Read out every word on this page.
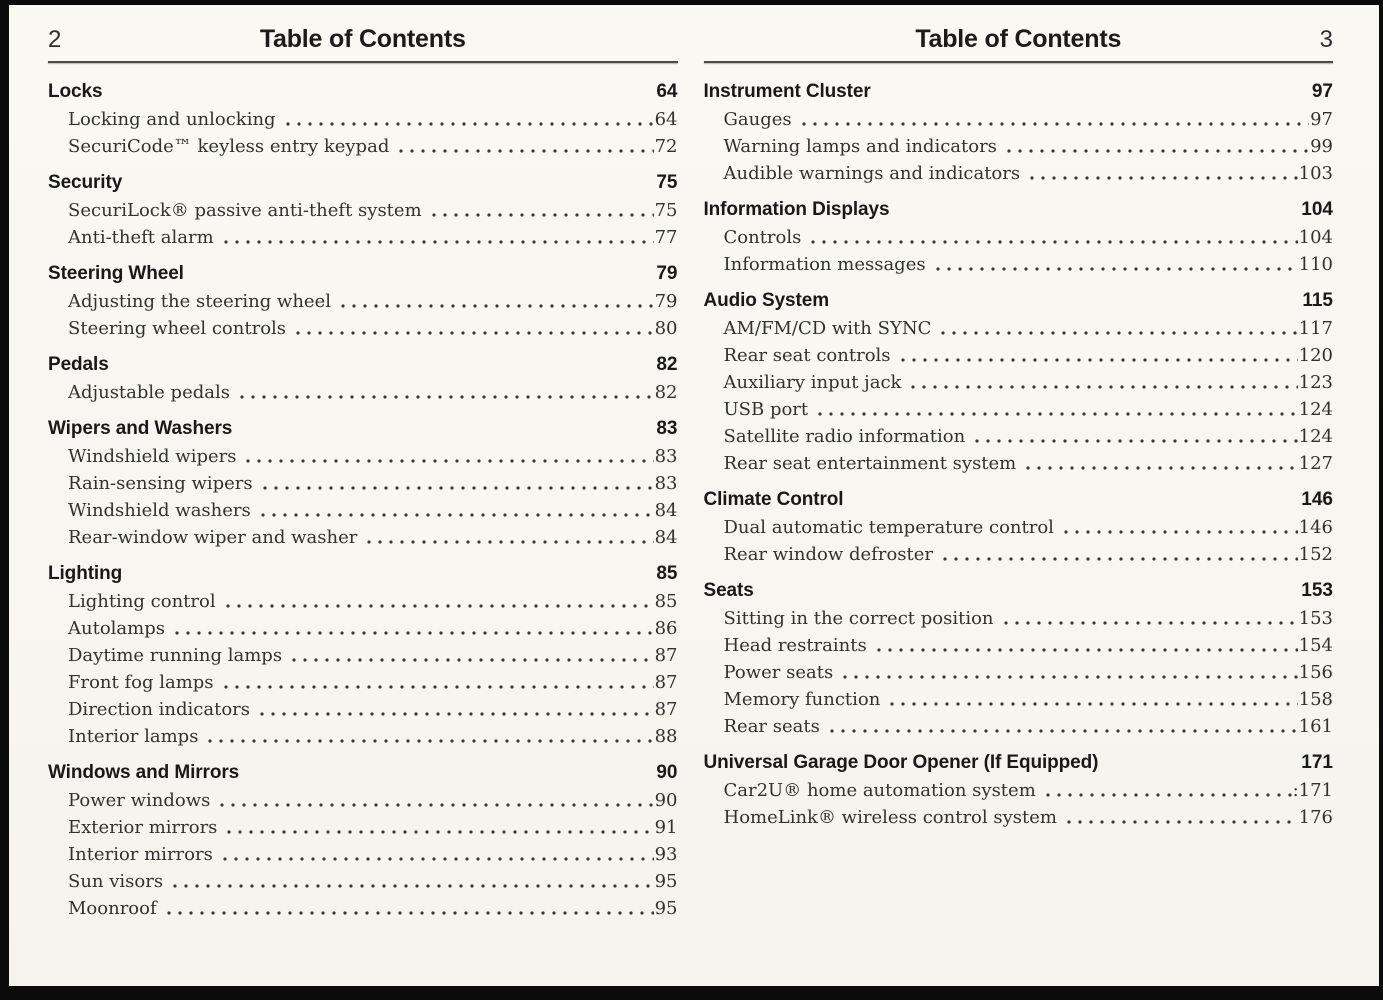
2	Table of Contents
Locks	64
Locking and unlocking	64
SecuriCode™ keyless entry keypad	72
Security	75
SecuriLock® passive anti-theft system	75
Anti-theft alarm	77
Steering Wheel	79
Adjusting the steering wheel	79
Steering wheel controls	80
Pedals	82
Adjustable pedals	82
Wipers and Washers	83
Windshield wipers	83
Rain-sensing wipers	83
Windshield washers	84
Rear-window wiper and washer	84
Lighting	85
Lighting control	85
Autolamps	86
Daytime running lamps	87
Front fog lamps	87
Direction indicators	87
Interior lamps	88
Windows and Mirrors	90
Power windows	90
Exterior mirrors	91
Interior mirrors	93
Sun visors	95
Moonroof	95
Table of Contents	3
Instrument Cluster	97
Gauges	97
Warning lamps and indicators	99
Audible warnings and indicators	103
Information Displays	104
Controls	104
Information messages	110
Audio System	115
AM/FM/CD with SYNC	117
Rear seat controls	120
Auxiliary input jack	123
USB port	124
Satellite radio information	124
Rear seat entertainment system	127
Climate Control	146
Dual automatic temperature control	146
Rear window defroster	152
Seats	153
Sitting in the correct position	153
Head restraints	154
Power seats	156
Memory function	158
Rear seats	161
Universal Garage Door Opener (If Equipped)	171
Car2U® home automation system	:171
HomeLink® wireless control system	176
